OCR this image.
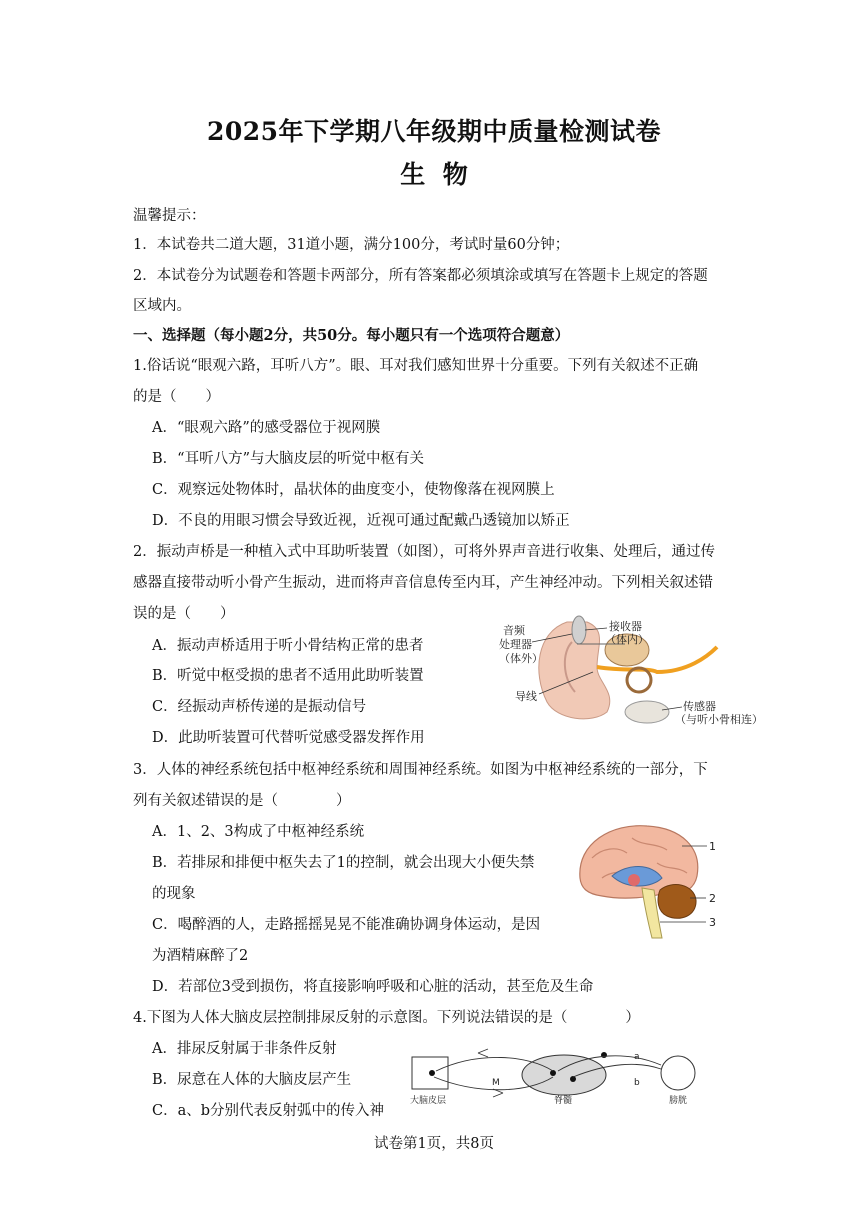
2025年下学期八年级期中质量检测试卷
生  物
温馨提示：
1．本试卷共二道大题，31道小题，满分100分，考试时量60分钟；
2．本试卷分为试题卷和答题卡两部分，所有答案都必须填涂或填写在答题卡上规定的答题
区域内。
一、选择题（每小题2分，共50分。每小题只有一个选项符合题意）
1.俗话说“眼观六路，耳听八方”。眼、耳对我们感知世界十分重要。下列有关叙述不正确
的是（　　）
A．“眼观六路”的感受器位于视网膜
B．“耳听八方”与大脑皮层的听觉中枢有关
C．观察远处物体时，晶状体的曲度变小，使物像落在视网膜上
D．不良的用眼习惯会导致近视，近视可通过配戴凸透镜加以矫正
2．振动声桥是一种植入式中耳助听装置（如图），可将外界声音进行收集、处理后，通过传
感器直接带动听小骨产生振动，进而将声音信息传至内耳，产生神经冲动。下列相关叙述错
误的是（　　）
A．振动声桥适用于听小骨结构正常的患者
B．听觉中枢受损的患者不适用此助听装置
C．经振动声桥传递的是振动信号
D．此助听装置可代替听觉感受器发挥作用
音频
处理器
（体外）
接收器
（体内）
导线
传感器
（与听小骨相连）
3．人体的神经系统包括中枢神经系统和周围神经系统。如图为中枢神经系统的一部分，下
列有关叙述错误的是（　　　　）
A．1、2、3构成了中枢神经系统
B．若排尿和排便中枢失去了1的控制，就会出现大小便失禁
的现象
C．喝醉酒的人，走路摇摇晃晃不能准确协调身体运动，是因
为酒精麻醉了2
D．若部位3受到损伤，将直接影响呼吸和心脏的活动，甚至危及生命
1
2
3
4.下图为人体大脑皮层控制排尿反射的示意图。下列说法错误的是（　　　　）
A．排尿反射属于非条件反射
B．尿意在人体的大脑皮层产生
C．a、b分别代表反射弧中的传入神
M
a
b
大脑皮层	脊髓	膀胱
试卷第1页，共8页
